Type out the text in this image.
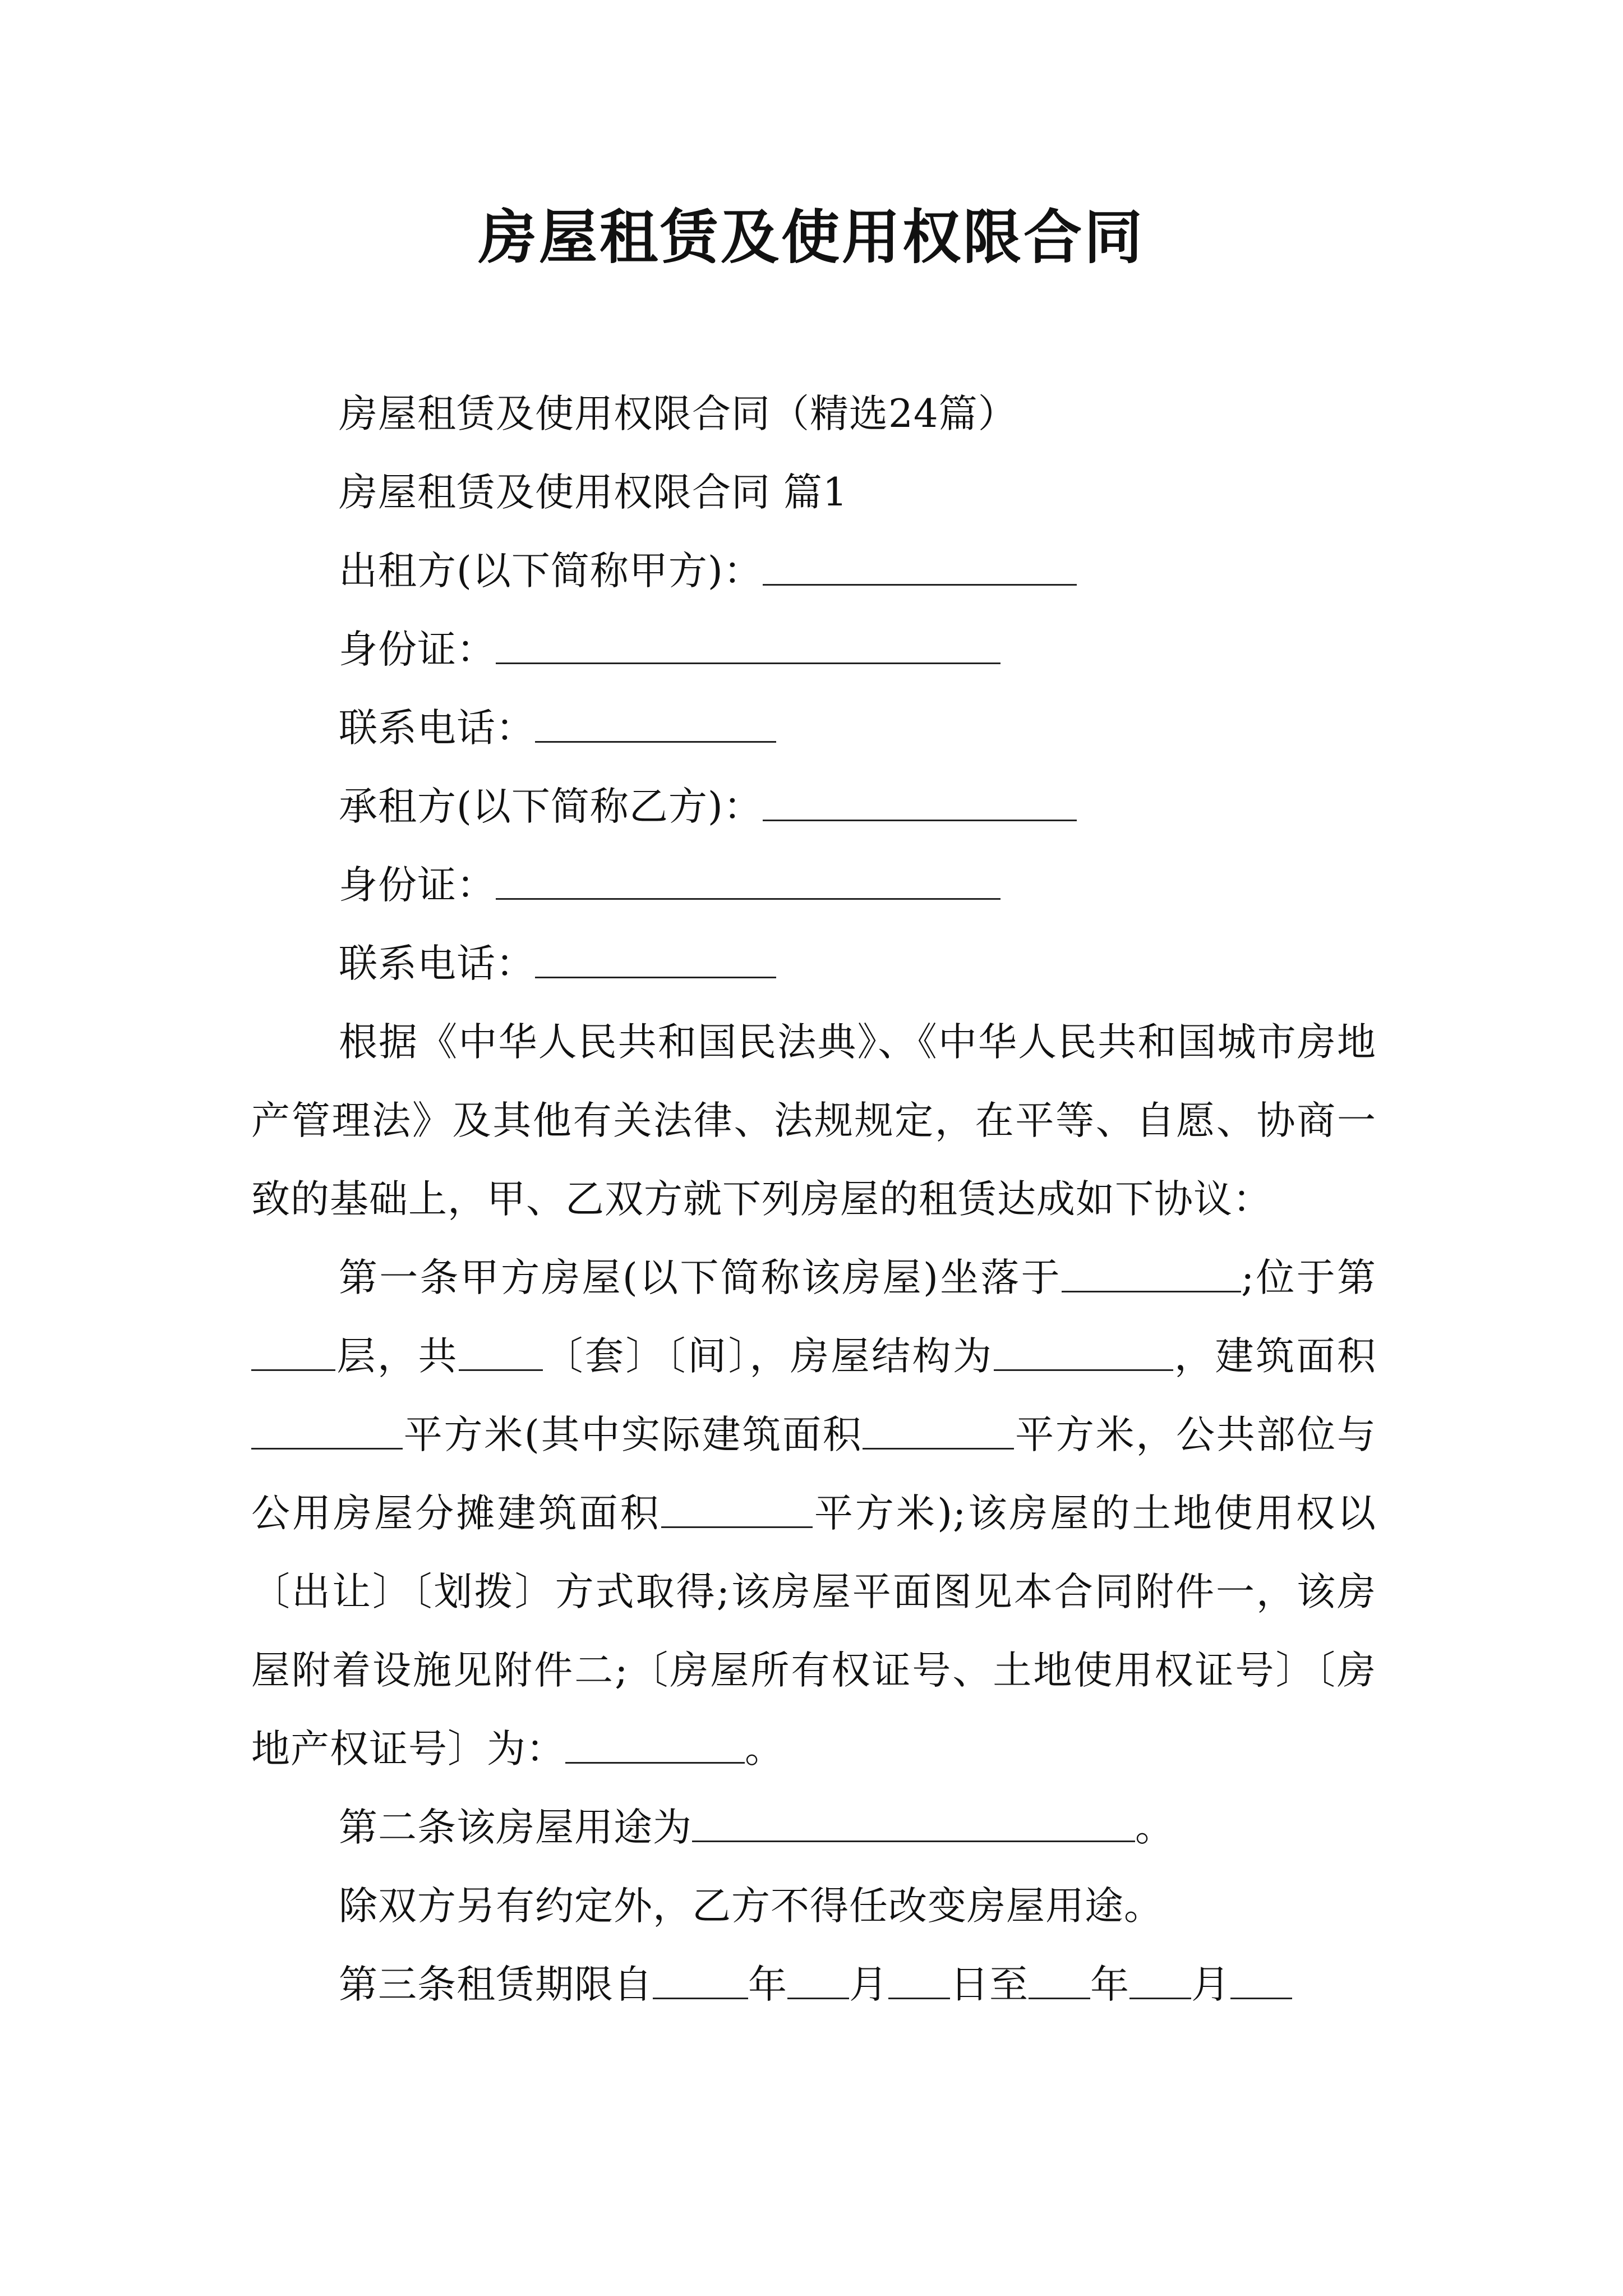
房屋租赁及使用权限合同
房屋租赁及使用权限合同（精选24篇）
房屋租赁及使用权限合同 篇1
出租方(以下简称甲方)：
身份证：
联系电话：
承租方(以下简称乙方)：
身份证：
联系电话：
根据《中华人民共和国民法典》、《中华人民共和国城市房地产管理法》及其他有关法律、法规规定，在平等、自愿、协商一致的基础上，甲、乙双方就下列房屋的租赁达成如下协议：
第一条甲方房屋(以下简称该房屋)坐落于	;位于第层，共 〔套〕〔间〕，房屋结构为	，建筑面积平方米(其中实际建筑面积	平方米，公共部位与公用房屋分摊建筑面积	平方米);该房屋的土地使用权以〔出让〕〔划拨〕方式取得;该房屋平面图见本合同附件一，该房屋附着设施见附件二;〔房屋所有权证号、土地使用权证号〕〔房地产权证号〕为：	。
第二条该房屋用途为	。
除双方另有约定外，乙方不得任改变房屋用途。
第三条租赁期限自 年 月 日至 年 月
